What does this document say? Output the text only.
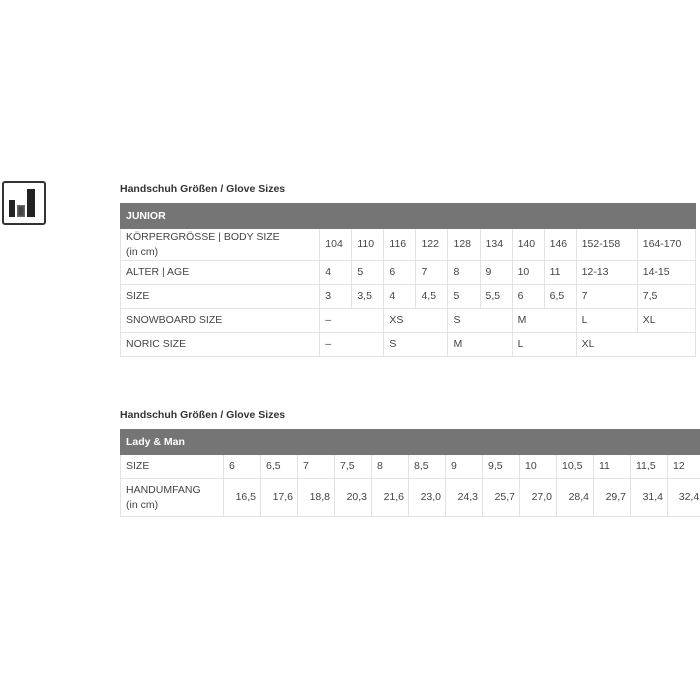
Handschuh Größen / Glove Sizes
JUNIOR										
KÖRPERGRÖSSE | BODY SIZE
(in cm)	104	110	116	122	128	134	140	146	152-158	164-170
ALTER | AGE	4	5	6	7	8	9	10	11	12-13	14-15
SIZE	3	3,5	4	4,5	5	5,5	6	6,5	7	7,5
SNOWBOARD SIZE	–		XS		S		M		L	XL
NORIC SIZE	–		S		M		L		XL	
Handschuh Größen / Glove Sizes
Lady & Man													
SIZE	6	6,5	7	7,5	8	8,5	9	9,5	10	10,5	11	11,5	12
HANDUMFANG
(in cm)	16,5	17,6	18,8	20,3	21,6	23,0	24,3	25,7	27,0	28,4	29,7	31,4	32,4
